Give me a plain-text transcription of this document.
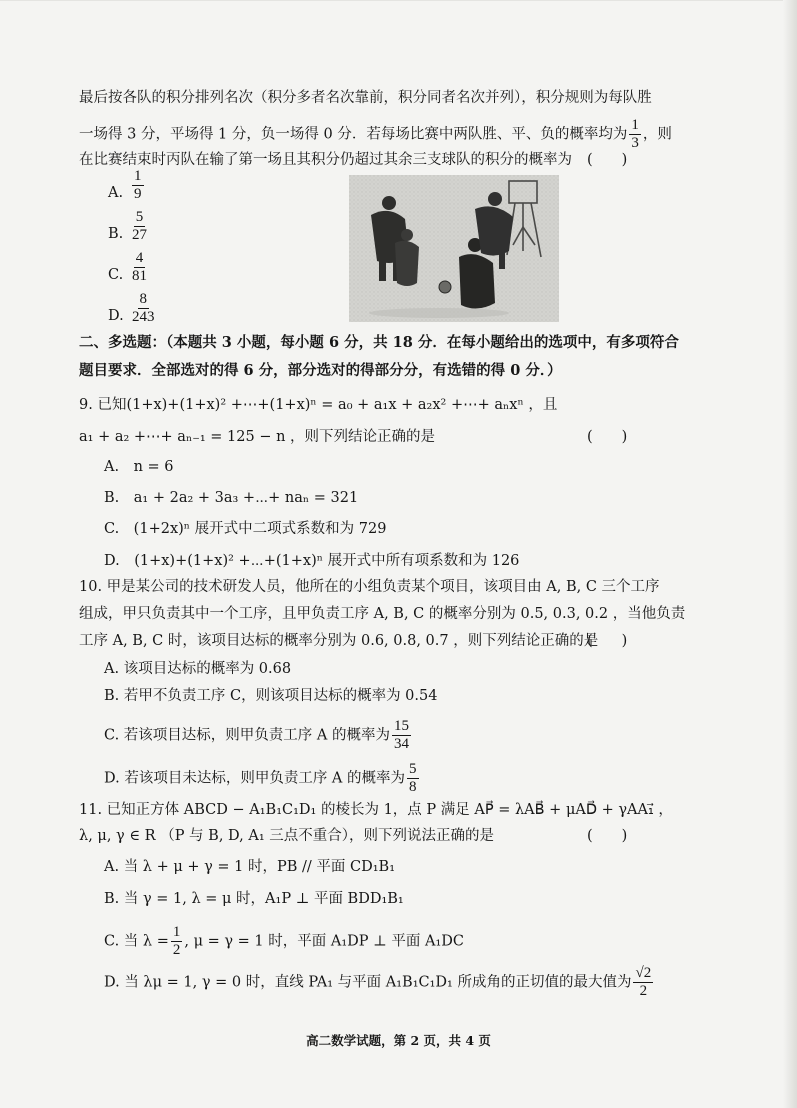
最后按各队的积分排列名次（积分多者名次靠前，积分同者名次并列），积分规则为每队胜
一场得 3 分，平场得 1 分，负一场得 0 分．若每场比赛中两队胜、平、负的概率均为 $\frac{1}{3}$ ，则
在比赛结束时丙队在输了第一场且其积分仍超过其余三支球队的积分的概率为 (　　)
A. $\frac{1}{9}$
B. $\frac{5}{27}$
C. $\frac{4}{81}$
D. $\frac{8}{243}$
二、多选题：（本题共 3 小题，每小题 6 分，共 18 分．在每小题给出的选项中，有多项符合
题目要求．全部选对的得 6 分，部分选对的得部分分，有选错的得 0 分．）
9. 已知(1+x)+(1+x)² +⋯+(1+x)ⁿ = a₀ + a₁x + a₂x² +⋯+ aₙxⁿ ，且
a₁ + a₂ +⋯+ aₙ₋₁ = 125 − n ，则下列结论正确的是	(　　)
A.　n = 6
B.　a₁ + 2a₂ + 3a₃ +⋯+ naₙ = 321
C.　(1+2x)ⁿ 展开式中二项式系数和为 729
D.　(1+x)+(1+x)² +⋯+(1+x)ⁿ 展开式中所有项系数和为 126
10. 甲是某公司的技术研发人员，他所在的小组负责某个项目，该项目由 A, B, C 三个工序
组成，甲只负责其中一个工序，且甲负责工序 A, B, C 的概率分别为 0.5, 0.3, 0.2 ，当他负责
工序 A, B, C 时，该项目达标的概率分别为 0.6, 0.8, 0.7 ，则下列结论正确的是
(　　)
A. 该项目达标的概率为 0.68
B. 若甲不负责工序 C，则该项目达标的概率为 0.54
C. 若该项目达标，则甲负责工序 A 的概率为 $\frac{15}{34}$
D. 若该项目未达标，则甲负责工序 A 的概率为 $\frac{5}{8}$
11. 已知正方体 ABCD − A₁B₁C₁D₁ 的棱长为 1，点 P 满足 AP⃗ = λAB⃗ + μAD⃗ + γAA₁⃗ ，
λ, μ, γ ∈ R （P 与 B, D, A₁ 三点不重合），则下列说法正确的是	(　　)
A. 当 λ + μ + γ = 1 时，PB // 平面 CD₁B₁
B. 当 γ = 1, λ = μ 时，A₁P ⊥ 平面 BDD₁B₁
C. 当 $\lambda = \frac{1}{2}$ , μ = γ = 1 时，平面 A₁DP ⊥ 平面 A₁DC
D. 当 λμ = 1, γ = 0 时，直线 PA₁ 与平面 A₁B₁C₁D₁ 所成角的正切值的最大值为 $\frac{√2}{2}$
高二数学试题，第 2 页，共 4 页
